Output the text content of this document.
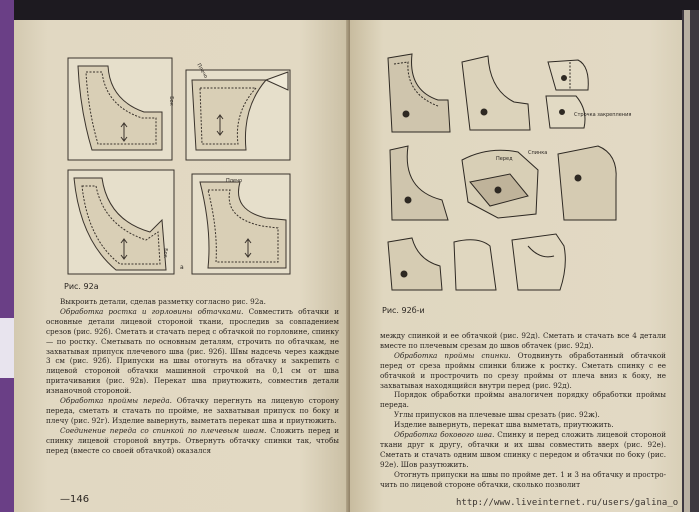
Плечо
Бок
Плечо
Бок
а
Рис. 92а

Выкроить детали, сделав разметку согласно рис. 92а.

Обработка ростка и горловины обтачками. Совместить обтачки и основные детали лицевой стороной ткани, проследив за совпадением срезов (рис. 92б). Сметать и стачать перед с обтачкой по горловине, спинку — по ростку. Сметывать по основным деталям, строчить по обтачкам, не захватывая припуск плечевого шва (рис. 92б). Швы надсечь через каждые 3 см (рис. 92б). Припуски на швы отогнуть на обтачку и закрепить с лицевой стороной обтачки машинной строчкой на 0,1 см от шва притачивания (рис. 92в). Перекат шва приутюжить, совместив детали изнаночной стороной.

Обработка проймы переда. Обтачку перегнуть на лицевую сторону переда, сметать и стачать по пройме, не захватывая припуск по боку и плечу (рис. 92г). Изделие вывернуть, выметать перекат шва и приутюжить.

Соединение переда со спинкой по плечевым швам. Сложить перед и спинку лицевой стороной внутрь. Отвернуть обтачку спинки так, чтобы перед (вместе со своей обтачкой) оказался

—146
Строчка закрепления
Перед
Спинка
Рис. 92б-и

между спинкой и ее обтачкой (рис. 92д). Сметать и стачать все 4 детали вместе по плечевым срезам до швов обтачек (рис. 92д).

Обработка проймы спинки. Отодвинуть обработанный обтачкой перед от среза проймы спинки ближе к ростку. Сметать спинку с ее обтачкой и прострочить по срезу проймы от плеча вниз к боку, не захватывая находящийся внутри перед (рис. 92д).

Порядок обработки проймы аналогичен порядку обработки проймы переда.

Углы припусков на плечевые швы срезать (рис. 92ж).

Изделие вывернуть, перекат шва выметать, приутюжить.

Обработка бокового шва. Спинку и перед сложить лицевой стороной ткани друг к другу, обтачки и их швы совместить вверх (рис. 92е). Сметать и стачать одним швом спинку с передом и обтачки по боку (рис. 92е). Шов разутюжить.

Отогнуть припуски на швы по пройме дет. 1 и 3 на обтачку и прострочить по лицевой стороне обтачки, сколько позволит

http://www.liveinternet.ru/users/galina_o
